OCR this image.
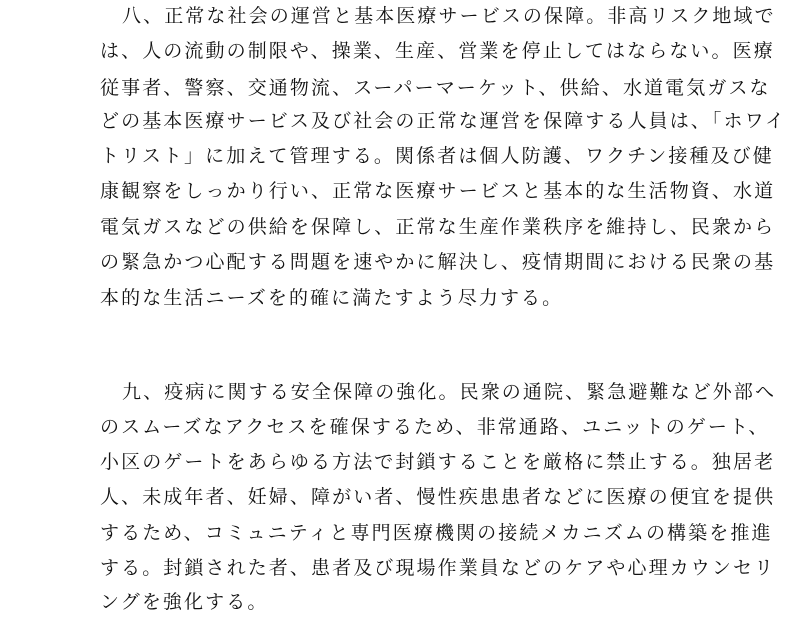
八、正常な社会の運営と基本医療サービスの保障。非高リスク地域で
は、人の流動の制限や、操業、生産、営業を停止してはならない。医療
従事者、警察、交通物流、スーパーマーケット、供給、水道電気ガスな
どの基本医療サービス及び社会の正常な運営を保障する人員は、「ホワイ
トリスト」に加えて管理する。関係者は個人防護、ワクチン接種及び健
康観察をしっかり行い、正常な医療サービスと基本的な生活物資、水道
電気ガスなどの供給を保障し、正常な生産作業秩序を維持し、民衆から
の緊急かつ心配する問題を速やかに解決し、疫情期間における民衆の基
本的な生活ニーズを的確に満たすよう尽力する。
九、疫病に関する安全保障の強化。民衆の通院、緊急避難など外部へ
のスムーズなアクセスを確保するため、非常通路、ユニットのゲート、
小区のゲートをあらゆる方法で封鎖することを厳格に禁止する。独居老
人、未成年者、妊婦、障がい者、慢性疾患患者などに医療の便宜を提供
するため、コミュニティと専門医療機関の接続メカニズムの構築を推進
する。封鎖された者、患者及び現場作業員などのケアや心理カウンセリ
ングを強化する。
